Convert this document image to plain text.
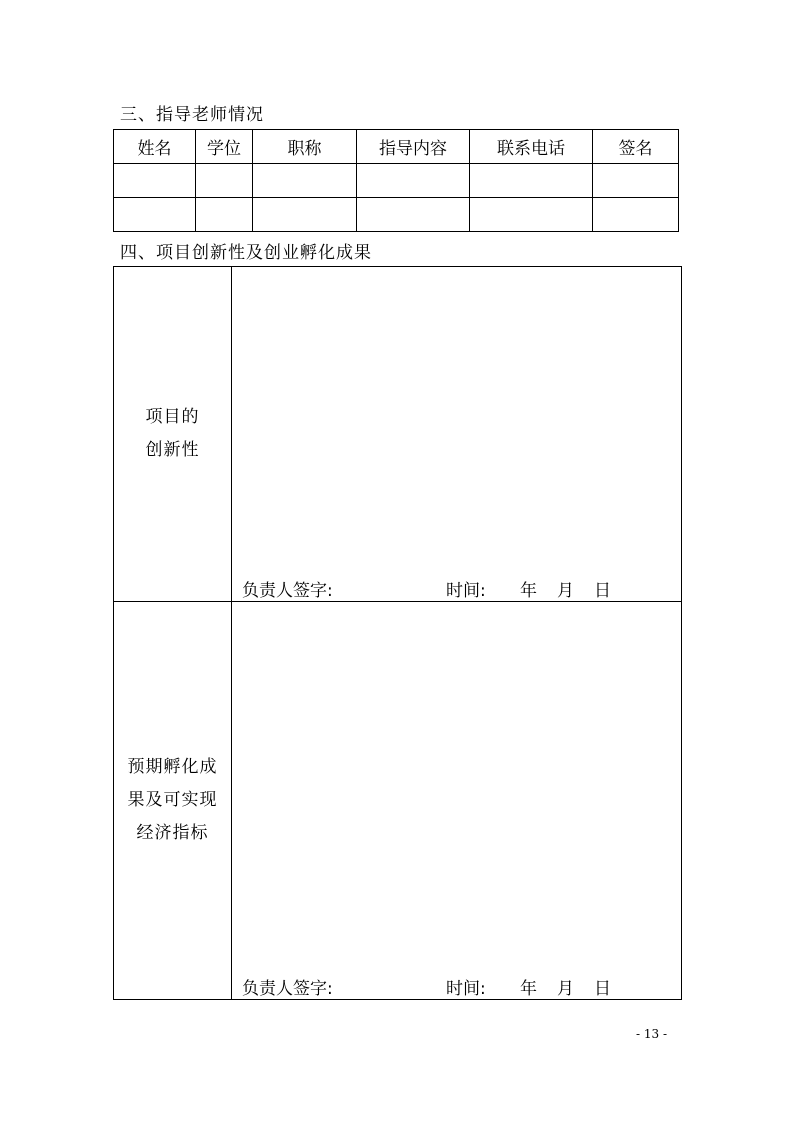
三、指导老师情况
姓名	学位	职称	指导内容	联系电话	签名

四、项目创新性及创业孵化成果
项目的
创新性	负责人签字: 时间: 年 月 日

预期孵化成
果及可实现
经济指标	负责人签字: 时间: 年 月 日
- 13 -
